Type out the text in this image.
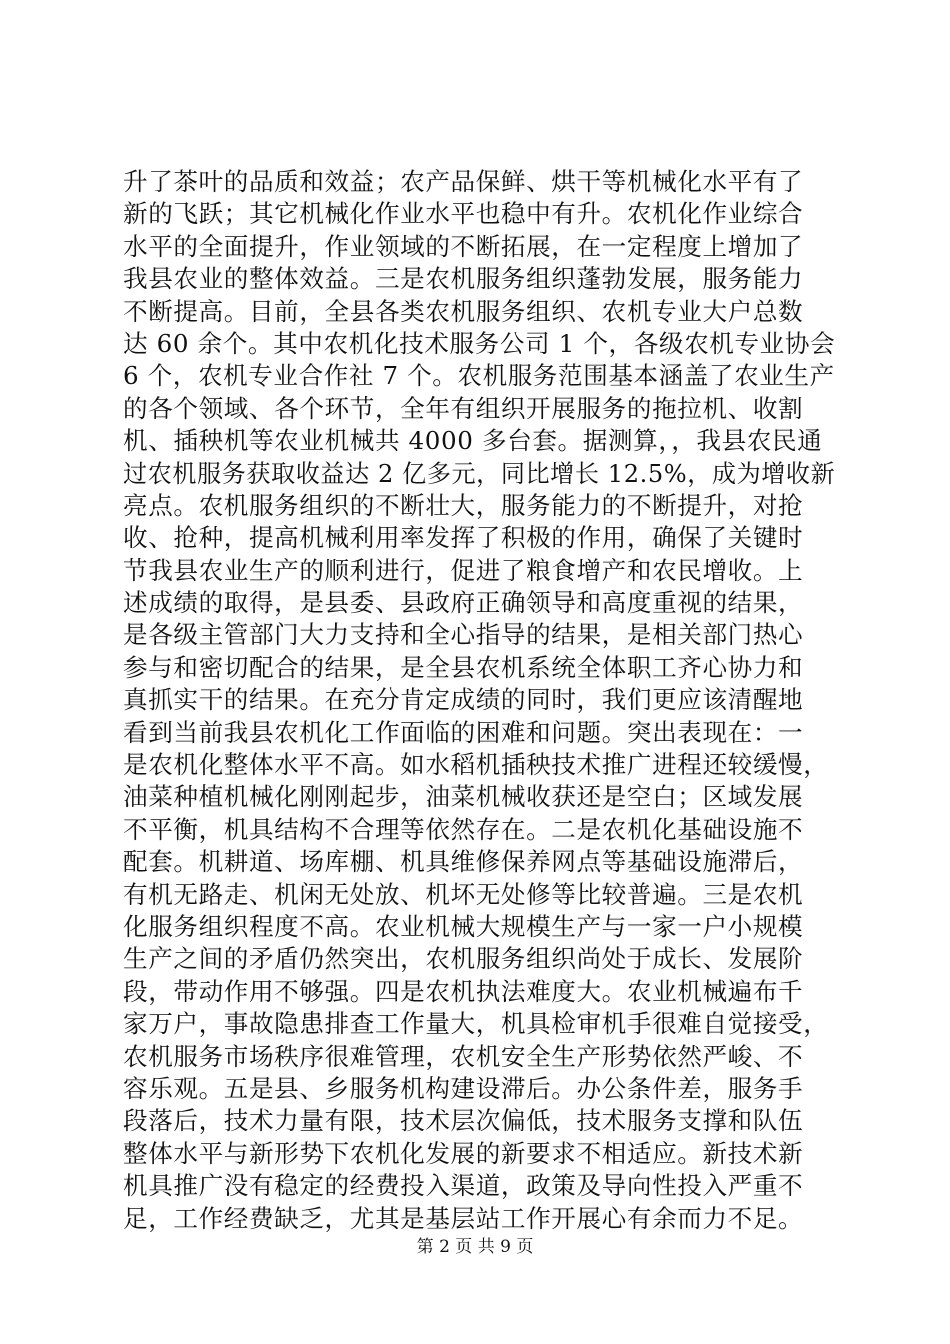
升了茶叶的品质和效益；农产品保鲜、烘干等机械化水平有了
新的飞跃；其它机械化作业水平也稳中有升。农机化作业综合
水平的全面提升，作业领域的不断拓展，在一定程度上增加了
我县农业的整体效益。三是农机服务组织蓬勃发展，服务能力
不断提高。目前，全县各类农机服务组织、农机专业大户总数
达 60 余个。其中农机化技术服务公司 1 个，各级农机专业协会
6 个，农机专业合作社 7 个。农机服务范围基本涵盖了农业生产
的各个领域、各个环节，全年有组织开展服务的拖拉机、收割
机、插秧机等农业机械共 4000 多台套。据测算，，我县农民通
过农机服务获取收益达 2 亿多元，同比增长 12.5%，成为增收新
亮点。农机服务组织的不断壮大，服务能力的不断提升，对抢
收、抢种，提高机械利用率发挥了积极的作用，确保了关键时
节我县农业生产的顺利进行，促进了粮食增产和农民增收。上
述成绩的取得，是县委、县政府正确领导和高度重视的结果，
是各级主管部门大力支持和全心指导的结果，是相关部门热心
参与和密切配合的结果，是全县农机系统全体职工齐心协力和
真抓实干的结果。在充分肯定成绩的同时，我们更应该清醒地
看到当前我县农机化工作面临的困难和问题。突出表现在：一
是农机化整体水平不高。如水稻机插秧技术推广进程还较缓慢，
油菜种植机械化刚刚起步，油菜机械收获还是空白；区域发展
不平衡，机具结构不合理等依然存在。二是农机化基础设施不
配套。机耕道、场库棚、机具维修保养网点等基础设施滞后，
有机无路走、机闲无处放、机坏无处修等比较普遍。三是农机
化服务组织程度不高。农业机械大规模生产与一家一户小规模
生产之间的矛盾仍然突出，农机服务组织尚处于成长、发展阶
段，带动作用不够强。四是农机执法难度大。农业机械遍布千
家万户，事故隐患排查工作量大，机具检审机手很难自觉接受，
农机服务市场秩序很难管理，农机安全生产形势依然严峻、不
容乐观。五是县、乡服务机构建设滞后。办公条件差，服务手
段落后，技术力量有限，技术层次偏低，技术服务支撑和队伍
整体水平与新形势下农机化发展的新要求不相适应。新技术新
机具推广没有稳定的经费投入渠道，政策及导向性投入严重不
足，工作经费缺乏，尤其是基层站工作开展心有余而力不足。
第 2 页 共 9 页
